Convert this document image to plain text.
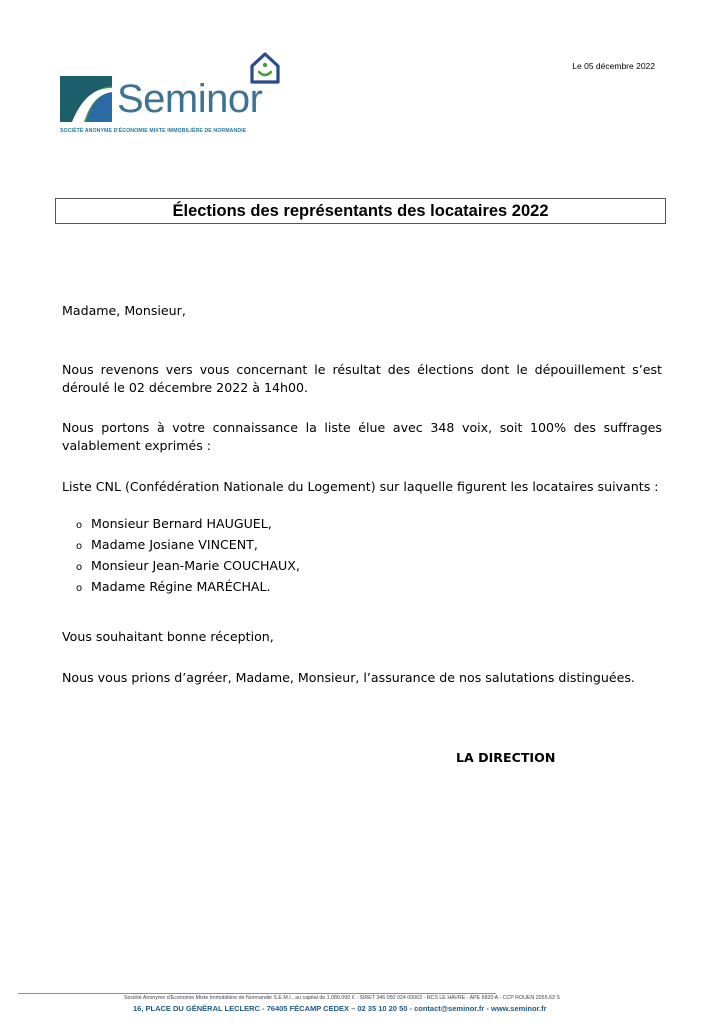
Seminor
SOCIÉTÉ ANONYME D'ÉCONOMIE MIXTE IMMOBILIÈRE DE NORMANDIE
Le 05 décembre 2022
Élections des représentants des locataires 2022
Madame, Monsieur,
Nous revenons vers vous concernant le résultat des élections dont le dépouillement s’est déroulé le 02 décembre 2022 à 14h00.
Nous portons à votre connaissance la liste élue avec 348 voix, soit 100% des suffrages valablement exprimés :
Liste CNL (Confédération Nationale du Logement) sur laquelle figurent les locataires suivants :
o Monsieur Bernard HAUGUEL,
o Madame Josiane VINCENT,
o Monsieur Jean-Marie COUCHAUX,
o Madame Régine MARÉCHAL.
Vous souhaitant bonne réception,
Nous vous prions d’agréer, Madame, Monsieur, l’assurance de nos salutations distinguées.
LA DIRECTION
Société Anonyme d'Économie Mixte Immobilière de Normandie S.E.M.I., au capital de 1.080.000 € - SIRET 346 050 024 00063 - RCS LE HAVRE - APE 6820 A - CCP ROUEN 2055.63 S
16, PLACE DU GÉNÉRAL LECLERC - 76405 FÉCAMP CEDEX – 02 35 10 20 50 - contact@seminor.fr - www.seminor.fr
